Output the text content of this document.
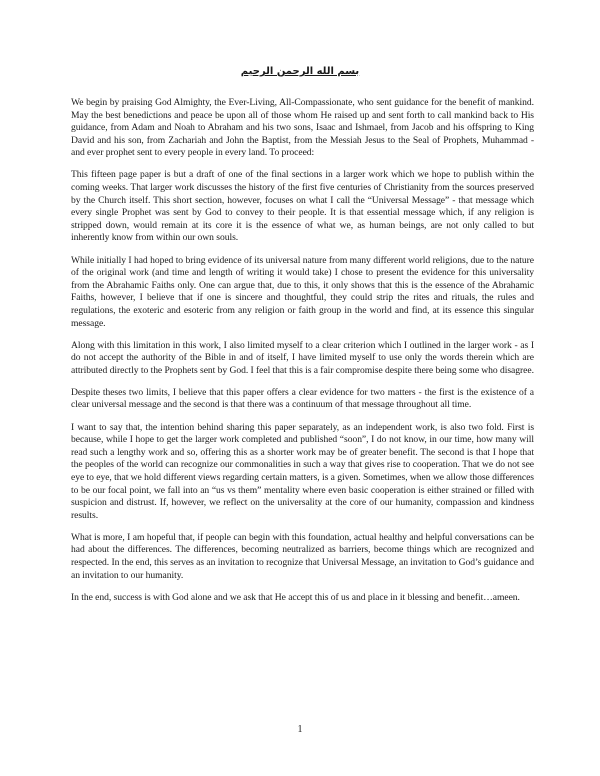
بسم الله الرحمن الرحيم

We begin by praising God Almighty, the Ever-Living, All-Compassionate, who sent guidance for the benefit of mankind. May the best benedictions and peace be upon all of those whom He raised up and sent forth to call mankind back to His guidance, from Adam and Noah to Abraham and his two sons, Isaac and Ishmael, from Jacob and his offspring to King David and his son, from Zachariah and John the Baptist, from the Messiah Jesus to the Seal of Prophets, Muhammad - and ever prophet sent to every people in every land. To proceed:

This fifteen page paper is but a draft of one of the final sections in a larger work which we hope to publish within the coming weeks. That larger work discusses the history of the first five centuries of Christianity from the sources preserved by the Church itself. This short section, however, focuses on what I call the “Universal Message” - that message which every single Prophet was sent by God to convey to their people. It is that essential message which, if any religion is stripped down, would remain at its core it is the essence of what we, as human beings, are not only called to but inherently know from within our own souls.

While initially I had hoped to bring evidence of its universal nature from many different world religions, due to the nature of the original work (and time and length of writing it would take) I chose to present the evidence for this universality from the Abrahamic Faiths only. One can argue that, due to this, it only shows that this is the essence of the Abrahamic Faiths, however, I believe that if one is sincere and thoughtful, they could strip the rites and rituals, the rules and regulations, the exoteric and esoteric from any religion or faith group in the world and find, at its essence this singular message.

Along with this limitation in this work, I also limited myself to a clear criterion which I outlined in the larger work - as I do not accept the authority of the Bible in and of itself, I have limited myself to use only the words therein which are attributed directly to the Prophets sent by God. I feel that this is a fair compromise despite there being some who disagree.

Despite theses two limits, I believe that this paper offers a clear evidence for two matters - the first is the existence of a clear universal message and the second is that there was a continuum of that message throughout all time.

I want to say that, the intention behind sharing this paper separately, as an independent work, is also two fold. First is because, while I hope to get the larger work completed and published “soon”, I do not know, in our time, how many will read such a lengthy work and so, offering this as a shorter work may be of greater benefit. The second is that I hope that the peoples of the world can recognize our commonalities in such a way that gives rise to cooperation. That we do not see eye to eye, that we hold different views regarding certain matters, is a given. Sometimes, when we allow those differences to be our focal point, we fall into an “us vs them” mentality where even basic cooperation is either strained or filled with suspicion and distrust. If, however, we reflect on the universality at the core of our humanity, compassion and kindness results.

What is more, I am hopeful that, if people can begin with this foundation, actual healthy and helpful conversations can be had about the differences. The differences, becoming neutralized as barriers, become things which are recognized and respected. In the end, this serves as an invitation to recognize that Universal Message, an invitation to God’s guidance and an invitation to our humanity.

In the end, success is with God alone and we ask that He accept this of us and place in it blessing and benefit…ameen.

1
